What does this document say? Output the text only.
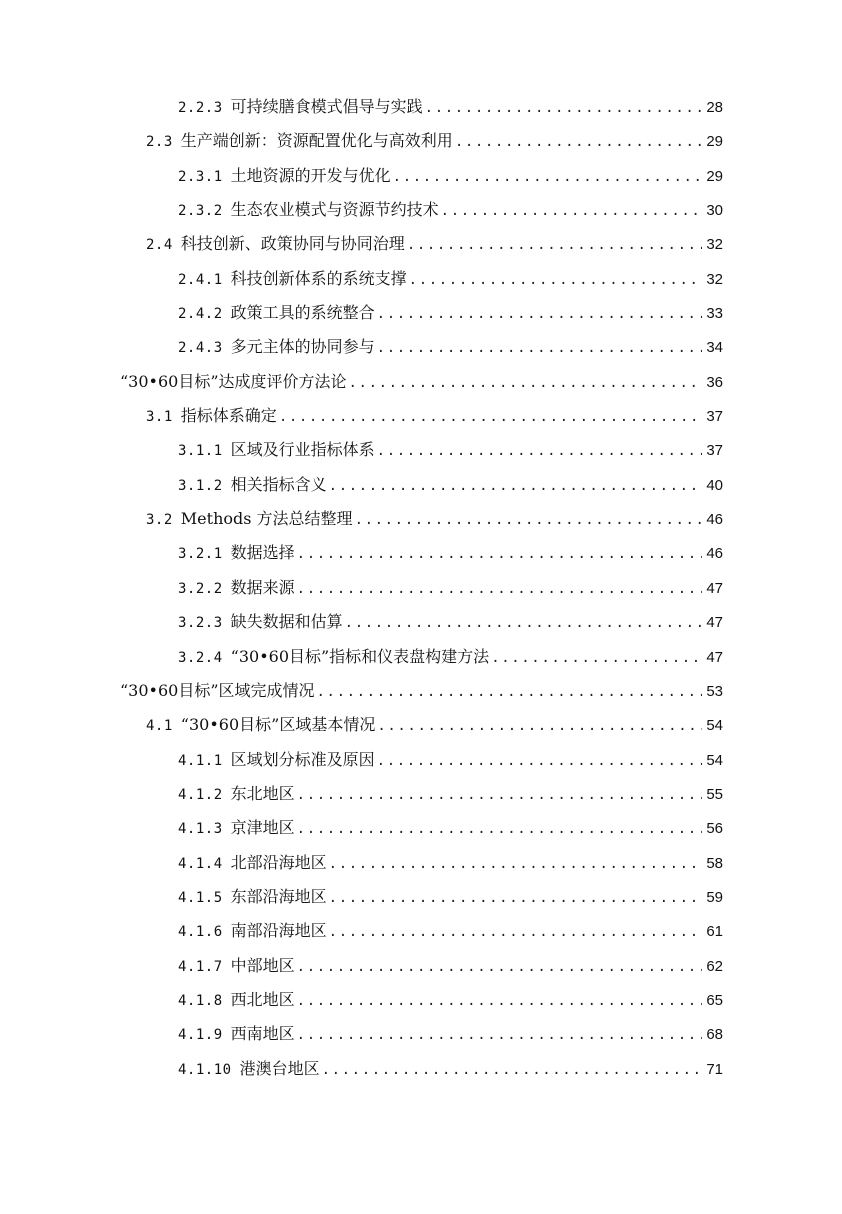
2.2.3 可持续膳食模式倡导与实践 .....	28
2.3 生产端创新：资源配置优化与高效利用 .....	29
2.3.1 土地资源的开发与优化 .....	29
2.3.2 生态农业模式与资源节约技术 .....	30
2.4 科技创新、政策协同与协同治理 .....	32
2.4.1 科技创新体系的系统支撑 .....	32
2.4.2 政策工具的系统整合 .....	33
2.4.3 多元主体的协同参与 .....	34
“30•60目标”达成度评价方法论 .....	36
3.1 指标体系确定 .....	37
3.1.1 区域及行业指标体系 .....	37
3.1.2 相关指标含义 .....	40
3.2 Methods 方法总结整理 .....	46
3.2.1 数据选择 .....	46
3.2.2 数据来源 .....	47
3.2.3 缺失数据和估算 .....	47
3.2.4 “30•60目标”指标和仪表盘构建方法 .....	47
“30•60目标”区域完成情况 .....	53
4.1 “30•60目标”区域基本情况 .....	54
4.1.1 区域划分标准及原因 .....	54
4.1.2 东北地区 .....	55
4.1.3 京津地区 .....	56
4.1.4 北部沿海地区 .....	58
4.1.5 东部沿海地区 .....	59
4.1.6 南部沿海地区 .....	61
4.1.7 中部地区 .....	62
4.1.8 西北地区 .....	65
4.1.9 西南地区 .....	68
4.1.10 港澳台地区 .....	71
